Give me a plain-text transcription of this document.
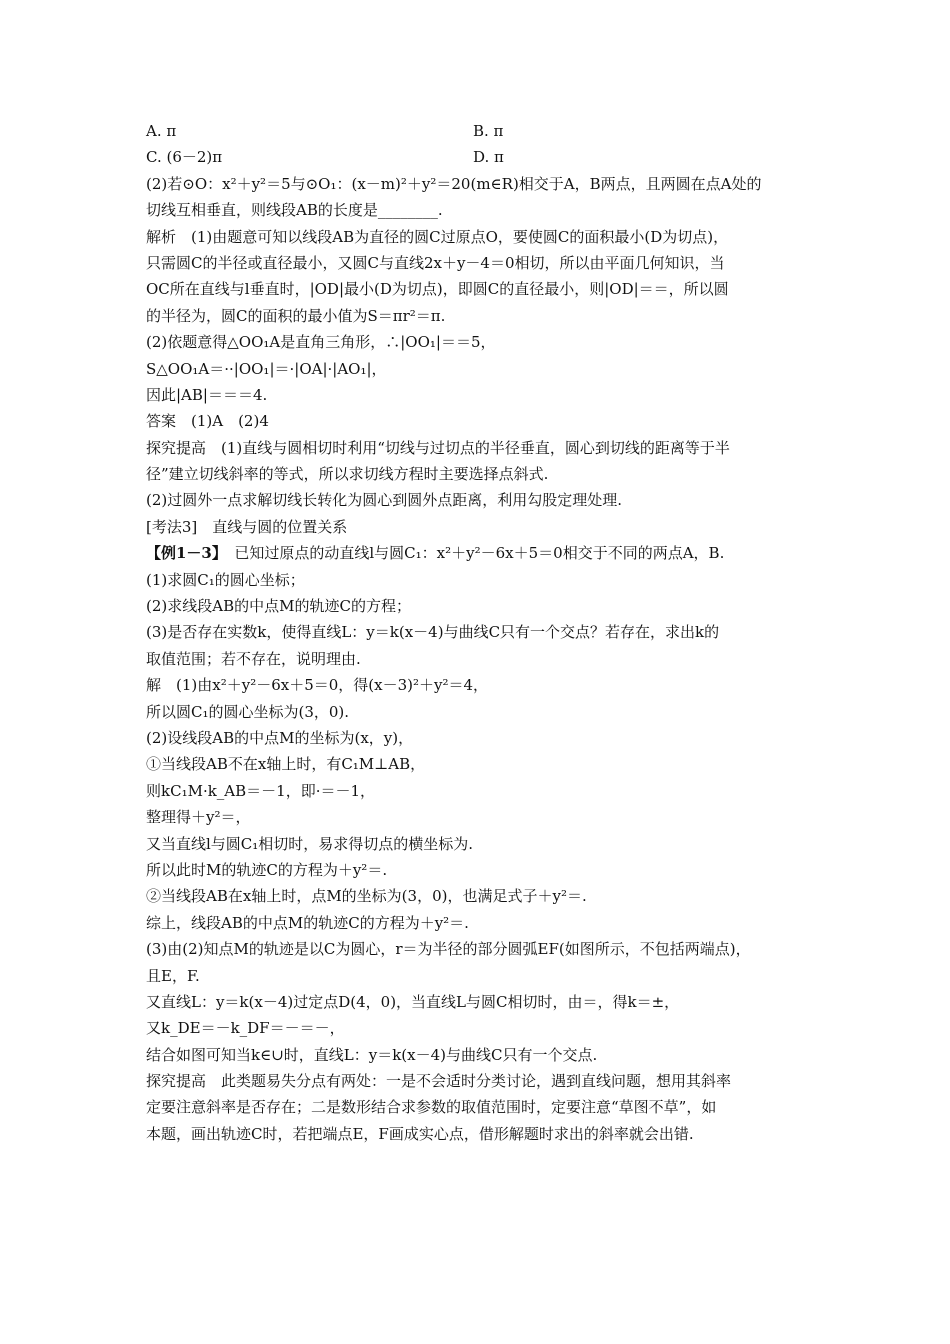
A. π	B. π
C. (6－2)π	D. π
(2)若⊙O：x²＋y²＝5与⊙O₁：(x－m)²＋y²＝20(m∈R)相交于A，B两点，且两圆在点A处的
切线互相垂直，则线段AB的长度是________.
解析　(1)由题意可知以线段AB为直径的圆C过原点O，要使圆C的面积最小(D为切点)，
只需圆C的半径或直径最小，又圆C与直线2x＋y－4＝0相切，所以由平面几何知识，当
OC所在直线与l垂直时，|OD|最小(D为切点)，即圆C的直径最小，则|OD|＝＝，所以圆
的半径为，圆C的面积的最小值为S＝πr²＝π.
(2)依题意得△OO₁A是直角三角形，∴|OO₁|＝＝5，
S△OO₁A＝··|OO₁|＝·|OA|·|AO₁|，
因此|AB|＝＝＝4.
答案　(1)A　(2)4
探究提高　(1)直线与圆相切时利用“切线与过切点的半径垂直，圆心到切线的距离等于半
径”建立切线斜率的等式，所以求切线方程时主要选择点斜式.
(2)过圆外一点求解切线长转化为圆心到圆外点距离，利用勾股定理处理.
[考法3]　直线与圆的位置关系
【例1－3】　已知过原点的动直线l与圆C₁：x²＋y²－6x＋5＝0相交于不同的两点A，B.
(1)求圆C₁的圆心坐标；
(2)求线段AB的中点M的轨迹C的方程；
(3)是否存在实数k，使得直线L：y＝k(x－4)与曲线C只有一个交点？若存在，求出k的
取值范围；若不存在，说明理由.
解　(1)由x²＋y²－6x＋5＝0，得(x－3)²＋y²＝4，
所以圆C₁的圆心坐标为(3，0).
(2)设线段AB的中点M的坐标为(x，y)，
①当线段AB不在x轴上时，有C₁M⊥AB，
则kC₁M·k_AB＝－1，即·＝－1，
整理得＋y²＝，
又当直线l与圆C₁相切时，易求得切点的横坐标为.
所以此时M的轨迹C的方程为＋y²＝.
②当线段AB在x轴上时，点M的坐标为(3，0)，也满足式子＋y²＝.
综上，线段AB的中点M的轨迹C的方程为＋y²＝.
(3)由(2)知点M的轨迹是以C为圆心，r＝为半径的部分圆弧EF(如图所示，不包括两端点)，
且E，F.
又直线L：y＝k(x－4)过定点D(4，0)，当直线L与圆C相切时，由＝，得k＝±，
又k_DE＝－k_DF＝－＝－，
结合如图可知当k∈∪时，直线L：y＝k(x－4)与曲线C只有一个交点.
探究提高　此类题易失分点有两处：一是不会适时分类讨论，遇到直线问题，想用其斜率
定要注意斜率是否存在；二是数形结合求参数的取值范围时，定要注意“草图不草”，如
本题，画出轨迹C时，若把端点E，F画成实心点，借形解题时求出的斜率就会出错.
